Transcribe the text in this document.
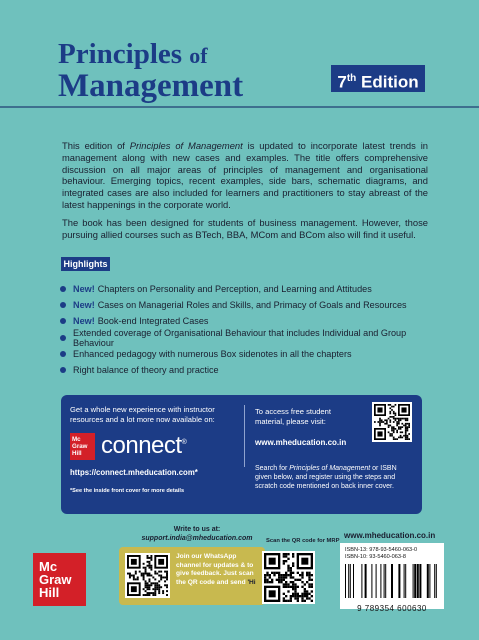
Principles of
Management	7th Edition

This edition of Principles of Management is updated to incorporate latest trends in management along with new cases and examples. The title offers comprehensive discussion on all major areas of principles of management and organisational behaviour. Emerging topics, recent examples, side bars, schematic diagrams, and integrated cases are also included for learners and practitioners to stay abreast of the latest happenings in the corporate world.

The book has been designed for students of business management. However, those pursuing allied courses such as BTech, BBA, MCom and BCom also will find it useful.

Highlights
New! Chapters on Personality and Perception, and Learning and Attitudes
New! Cases on Managerial Roles and Skills, and Primacy of Goals and Resources
New! Book-end Integrated Cases
Extended coverage of Organisational Behaviour that includes Individual and Group Behaviour
Enhanced pedagogy with numerous Box sidenotes in all the chapters
Right balance of theory and practice
Get a whole new experience with instructor resources and a lot more now available on:
Mc
Graw
Hill connect®
https://connect.mheducation.com*
*See the inside front cover for more details
To access free student material, please visit:
www.mheducation.co.in
Search for Principles of Management or ISBN given below, and register using the steps and scratch code mentioned on back inner cover.
Write to us at:
support.india@mheducation.com
Join our WhatsApp channel for updates & to give feedback. Just scan the QR code and send 'Hi
Scan the QR code for MRP
www.mheducation.co.in
ISBN-13: 978-93-5460-063-0
ISBN-10: 93-5460-063-8
9 789354 600630
Mc
Graw
Hill
